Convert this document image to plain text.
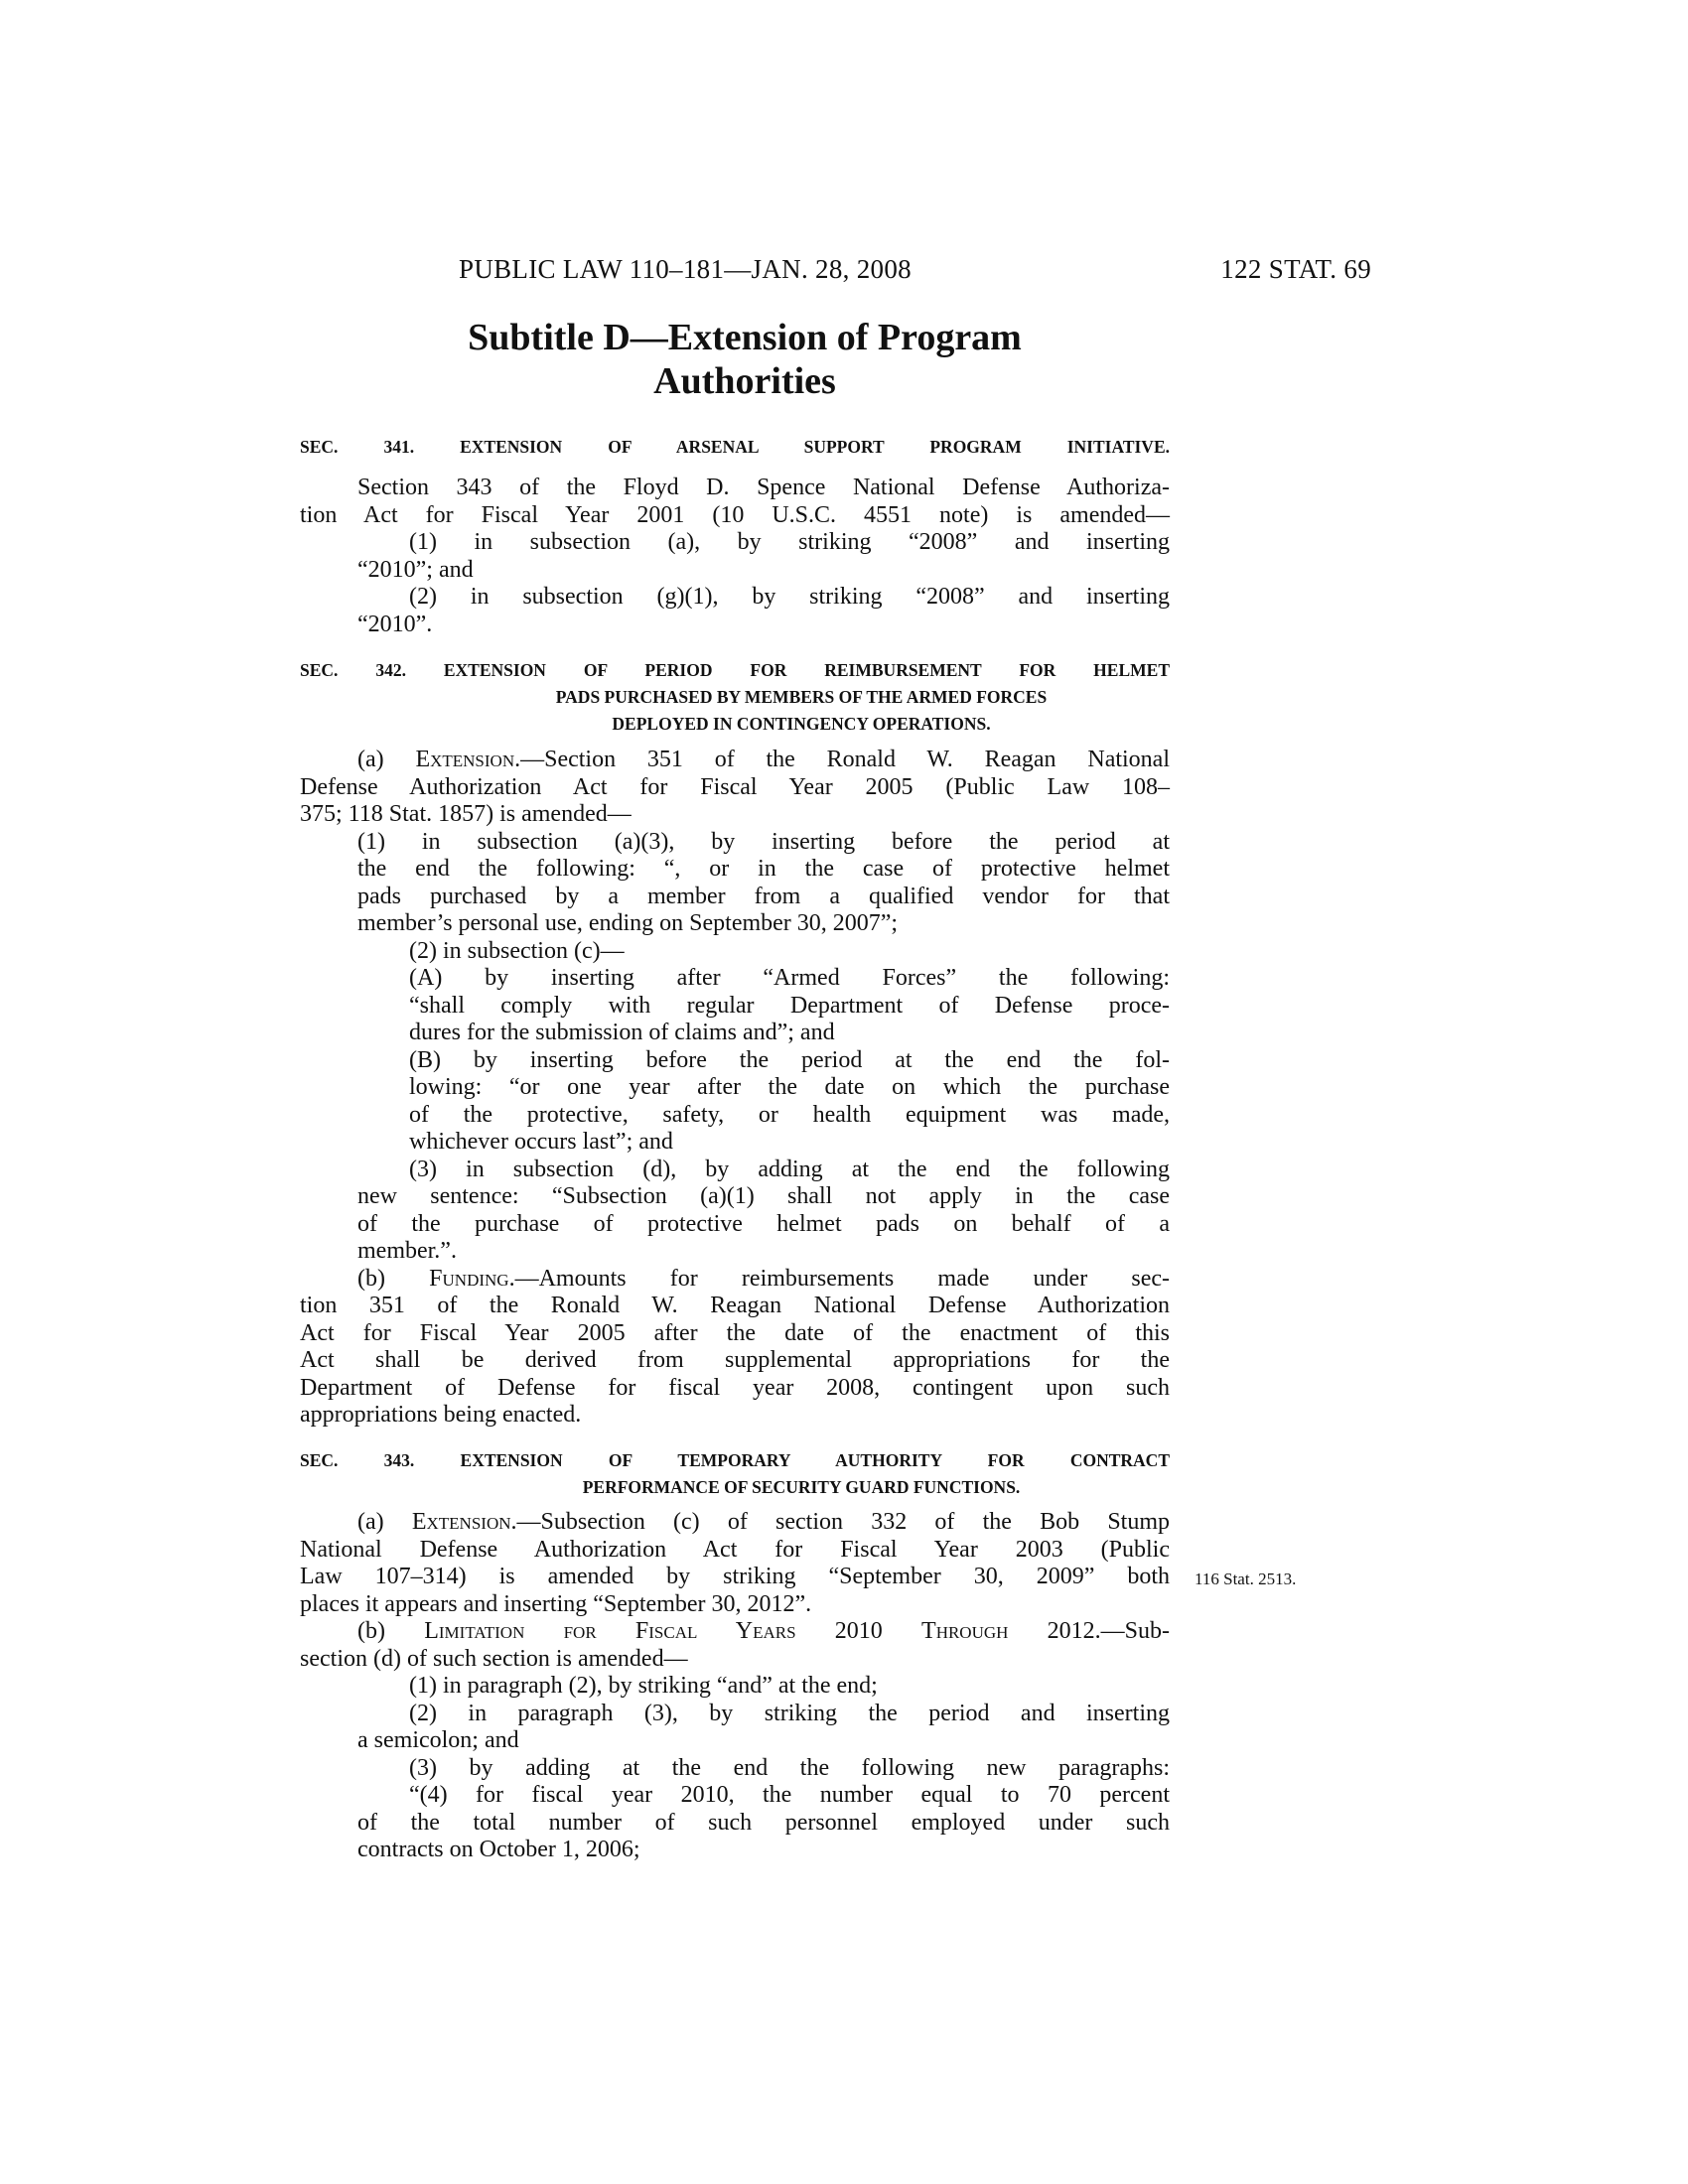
PUBLIC LAW 110–181—JAN. 28, 2008	122 STAT. 69
Subtitle D—Extension of Program
Authorities
SEC. 341. EXTENSION OF ARSENAL SUPPORT PROGRAM INITIATIVE.
Section 343 of the Floyd D. Spence National Defense Authoriza-
tion Act for Fiscal Year 2001 (10 U.S.C. 4551 note) is amended—
(1) in subsection (a), by striking “2008” and inserting
“2010”; and
(2) in subsection (g)(1), by striking “2008” and inserting
“2010”.
SEC. 342. EXTENSION OF PERIOD FOR REIMBURSEMENT FOR HELMET
PADS PURCHASED BY MEMBERS OF THE ARMED FORCES
DEPLOYED IN CONTINGENCY OPERATIONS.
(a) Extension.—Section 351 of the Ronald W. Reagan National
Defense Authorization Act for Fiscal Year 2005 (Public Law 108–
375; 118 Stat. 1857) is amended—
(1) in subsection (a)(3), by inserting before the period at
the end the following: “, or in the case of protective helmet
pads purchased by a member from a qualified vendor for that
member’s personal use, ending on September 30, 2007”;
(2) in subsection (c)—
(A) by inserting after “Armed Forces” the following:
“shall comply with regular Department of Defense proce-
dures for the submission of claims and”; and
(B) by inserting before the period at the end the fol-
lowing: “or one year after the date on which the purchase
of the protective, safety, or health equipment was made,
whichever occurs last”; and
(3) in subsection (d), by adding at the end the following
new sentence: “Subsection (a)(1) shall not apply in the case
of the purchase of protective helmet pads on behalf of a
member.”.
(b) Funding.—Amounts for reimbursements made under sec-
tion 351 of the Ronald W. Reagan National Defense Authorization
Act for Fiscal Year 2005 after the date of the enactment of this
Act shall be derived from supplemental appropriations for the
Department of Defense for fiscal year 2008, contingent upon such
appropriations being enacted.
SEC. 343. EXTENSION OF TEMPORARY AUTHORITY FOR CONTRACT
PERFORMANCE OF SECURITY GUARD FUNCTIONS.
(a) Extension.—Subsection (c) of section 332 of the Bob Stump
National Defense Authorization Act for Fiscal Year 2003 (Public
Law 107–314) is amended by striking “September 30, 2009” both
places it appears and inserting “September 30, 2012”.
(b) Limitation for Fiscal Years 2010 Through 2012.—Sub-
section (d) of such section is amended—
(1) in paragraph (2), by striking “and” at the end;
(2) in paragraph (3), by striking the period and inserting
a semicolon; and
(3) by adding at the end the following new paragraphs:
“(4) for fiscal year 2010, the number equal to 70 percent
of the total number of such personnel employed under such
contracts on October 1, 2006;
116 Stat. 2513.
